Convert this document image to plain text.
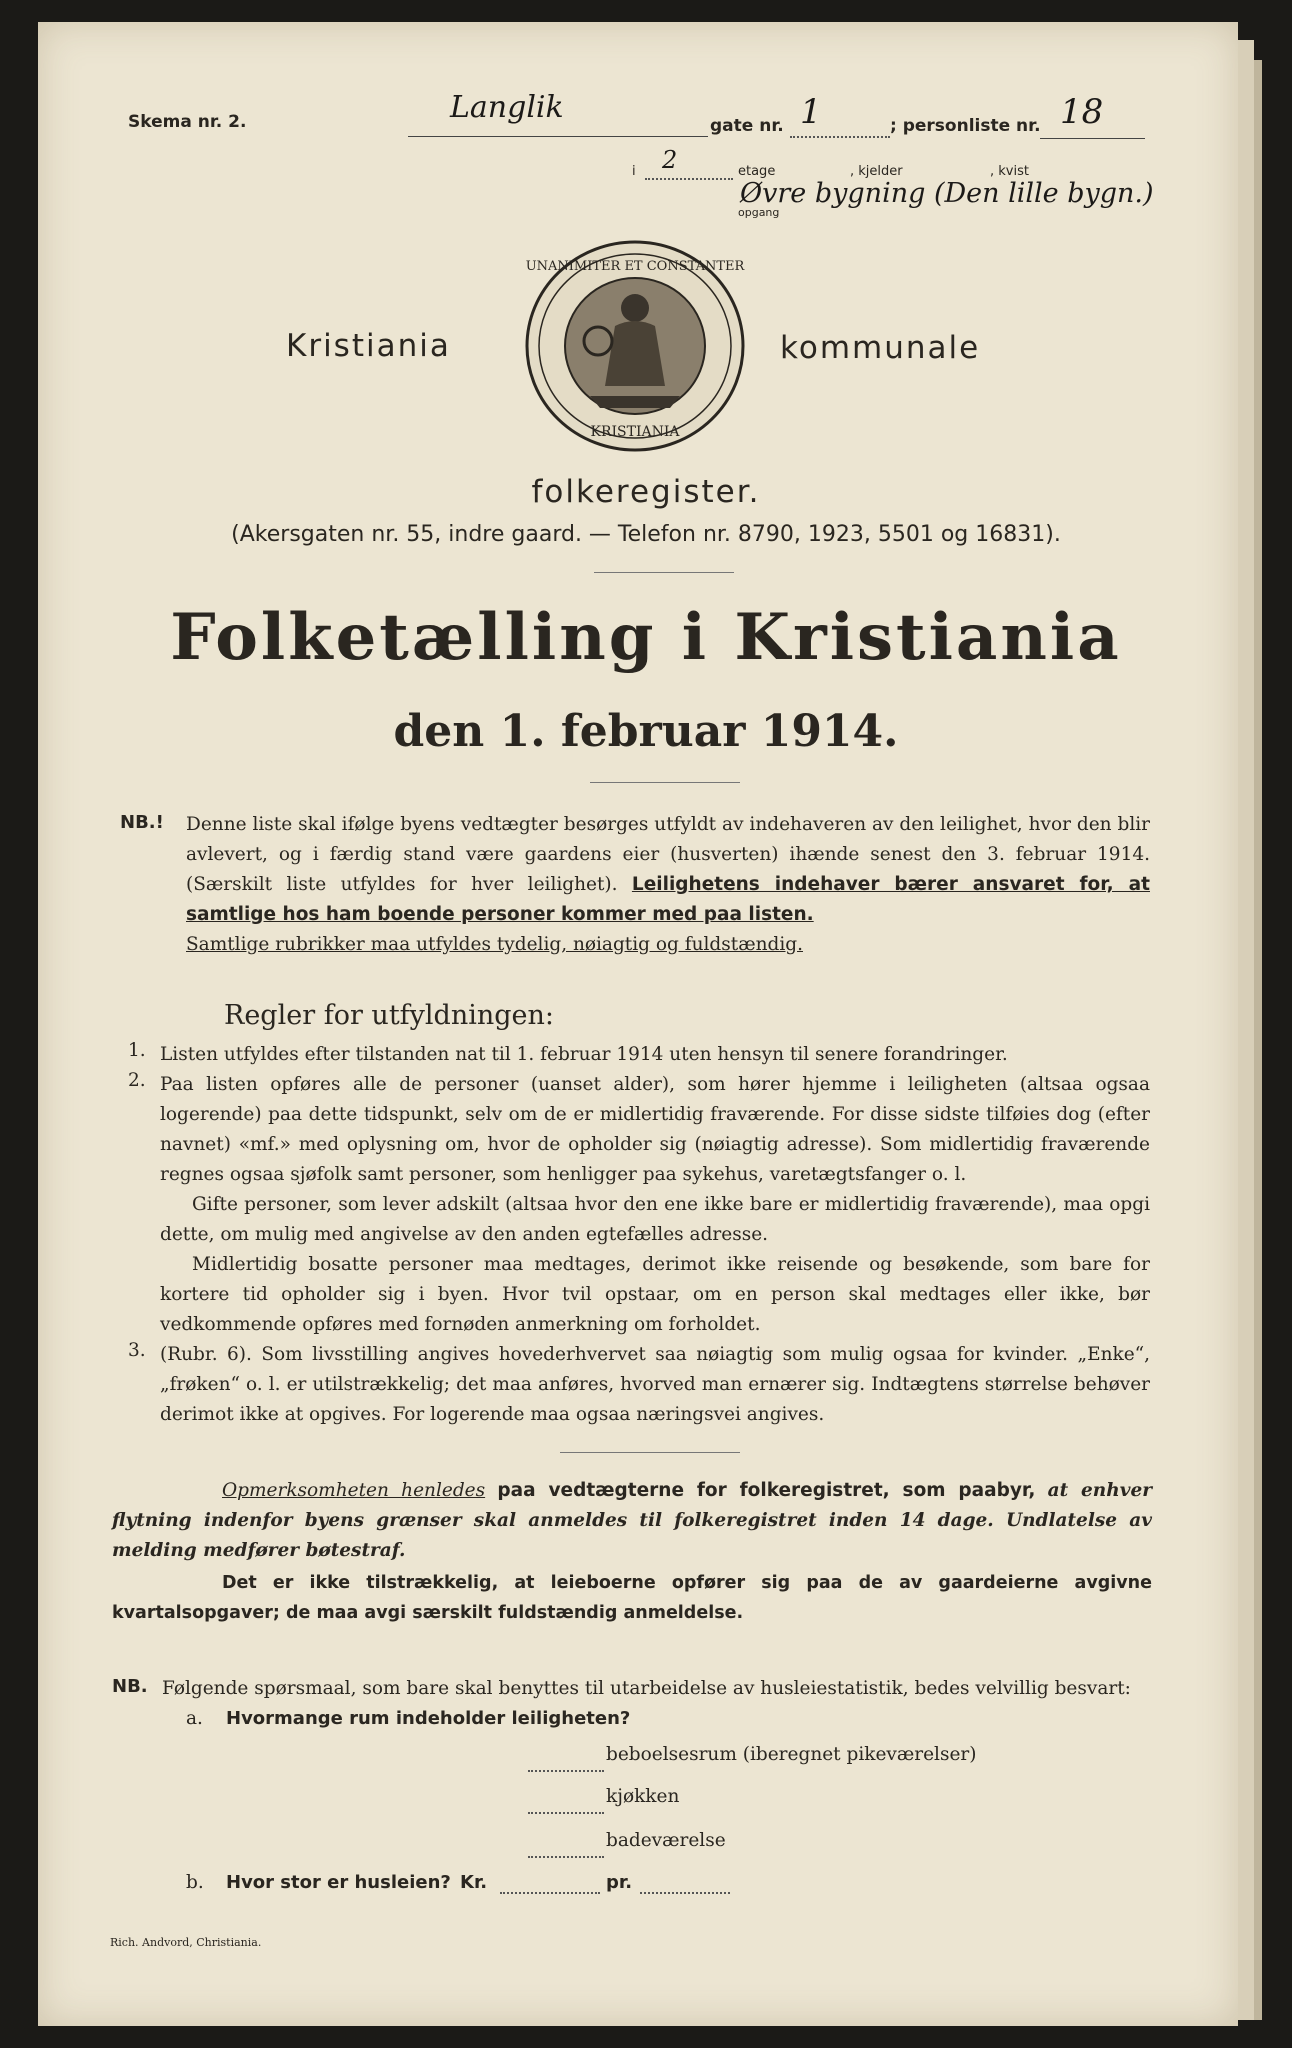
Skema nr. 2.	Langlik
gate nr. 1	; personliste nr. 18
i 2	etage	, kjelder	, kvist
opgang
Øvre bygning (Den lille bygn.)
Kristiania	kommunale
UNANIMITER ET CONSTANTER
KRISTIANIA
folkeregister.
(Akersgaten nr. 55, indre gaard. — Telefon nr. 8790, 1923, 5501 og 16831).
Folketælling i Kristiania
den 1. februar 1914.
NB.! Denne liste skal ifølge byens vedtægter besørges utfyldt av indehaveren av den leilighet, hvor den blir avlevert, og i færdig stand være gaardens eier (husverten) ihænde senest den 3. februar 1914. (Særskilt liste utfyldes for hver leilighet). Leilighetens indehaver bærer ansvaret for, at samtlige hos ham boende personer kommer med paa listen.
Samtlige rubrikker maa utfyldes tydelig, nøiagtig og fuldstændig.
Regler for utfyldningen:
1. Listen utfyldes efter tilstanden nat til 1. februar 1914 uten hensyn til senere forandringer.
2. Paa listen opføres alle de personer (uanset alder), som hører hjemme i leiligheten (altsaa ogsaa logerende) paa dette tidspunkt, selv om de er midlertidig fraværende. For disse sidste tilføies dog (efter navnet) «mf.» med oplysning om, hvor de opholder sig (nøiagtig adresse). Som midlertidig fraværende regnes ogsaa sjøfolk samt personer, som henligger paa sykehus, varetægtsfanger o. l.
Gifte personer, som lever adskilt (altsaa hvor den ene ikke bare er midlertidig fraværende), maa opgi dette, om mulig med angivelse av den anden egtefælles adresse.
Midlertidig bosatte personer maa medtages, derimot ikke reisende og besøkende, som bare for kortere tid opholder sig i byen. Hvor tvil opstaar, om en person skal medtages eller ikke, bør vedkommende opføres med fornøden anmerkning om forholdet.
3. (Rubr. 6). Som livsstilling angives hovederhvervet saa nøiagtig som mulig ogsaa for kvinder. „Enke“, „frøken“ o. l. er utilstrækkelig; det maa anføres, hvorved man ernærer sig. Indtægtens størrelse behøver derimot ikke at opgives. For logerende maa ogsaa næringsvei angives.
Opmerksomheten henledes paa vedtægterne for folkeregistret, som paabyr, at enhver flytning indenfor byens grænser skal anmeldes til folkeregistret inden 14 dage. Undlatelse av melding medfører bøtestraf.
Det er ikke tilstrækkelig, at leieboerne opfører sig paa de av gaardeierne avgivne kvartalsopgaver; de maa avgi særskilt fuldstændig anmeldelse.
NB. Følgende spørsmaal, som bare skal benyttes til utarbeidelse av husleiestatistik, bedes velvillig besvart:
a. Hvormange rum indeholder leiligheten?
beboelsesrum (iberegnet pikeværelser)
kjøkken
badeværelse
b. Hvor stor er husleien? Kr.	pr.
Rich. Andvord, Christiania.
